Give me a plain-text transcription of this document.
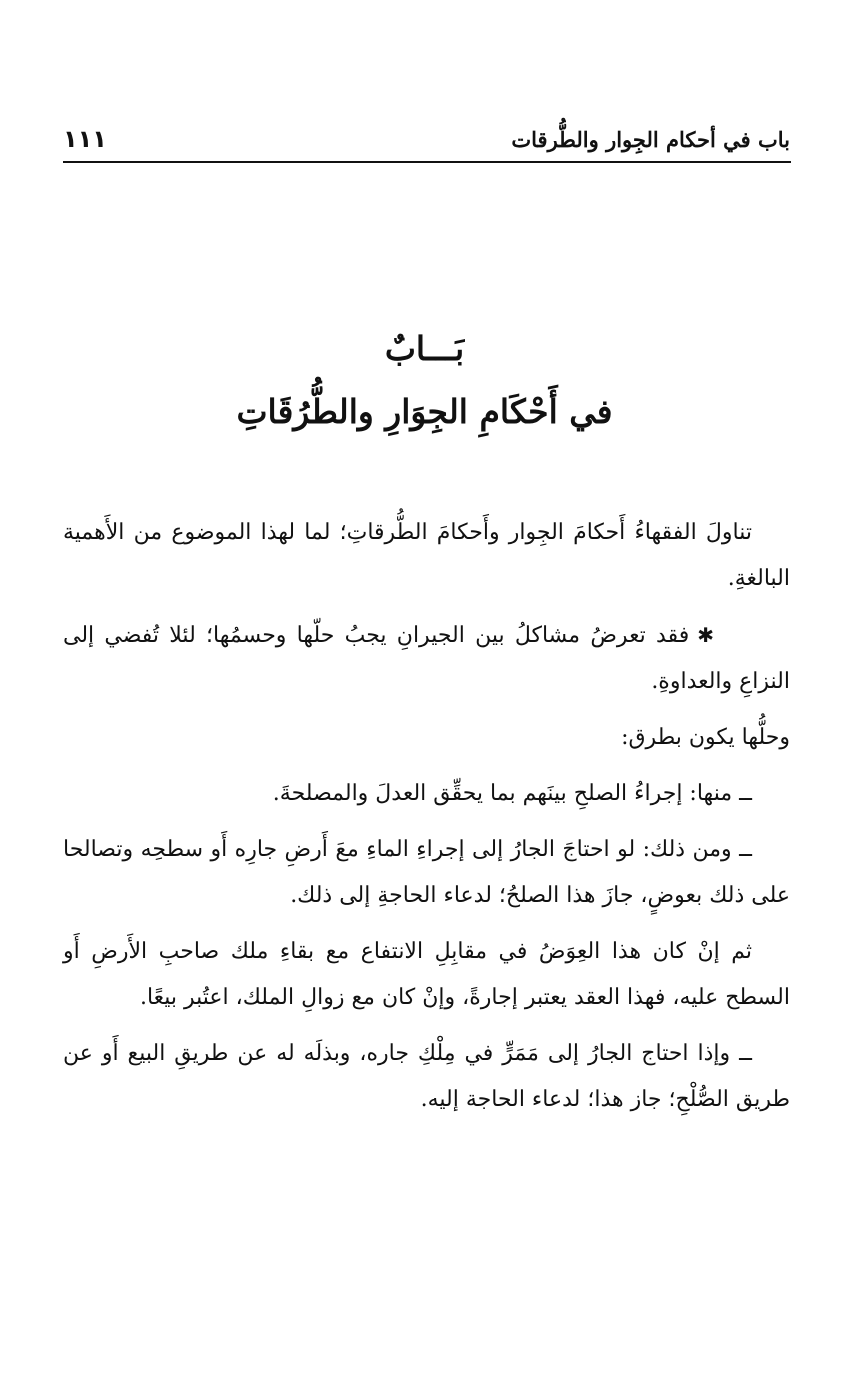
باب في أحكام الجِوار والطُّرقات
١١١
بَـــابٌ
في أَحْكَامِ الجِوَارِ والطُّرُقَاتِ

تناولَ الفقهاءُ أَحكامَ الجِوار وأَحكامَ الطُّرقاتِ؛ لما لهذا الموضوع من الأَهمية البالغةِ.

✱فقد تعرضُ مشاكلُ بين الجيرانِ يجبُ حلّها وحسمُها؛ لئلا تُفضي إلى النزاعِ والعداوةِ.

وحلُّها يكون بطرق:

ــ منها: إجراءُ الصلحِ بينَهم بما يحقِّق العدلَ والمصلحةَ.

ــ ومن ذلك: لو احتاجَ الجارُ إلى إجراءِ الماءِ معَ أَرضِ جارِه أَو سطحِه وتصالحا على ذلك بعوضٍ، جازَ هذا الصلحُ؛ لدعاء الحاجةِ إلى ذلك.

ثم إنْ كان هذا العِوَضُ في مقابِلِ الانتفاع مع بقاءِ ملك صاحبِ الأَرضِ أَو السطح عليه، فهذا العقد يعتبر إجارةً، وإنْ كان مع زوالِ الملك، اعتُبر بيعًا.

ــ وإذا احتاج الجارُ إلى مَمَرٍّ في مِلْكِ جاره، وبذلَه له عن طريقِ البيع أَو عن طريق الصُّلْحِ؛ جاز هذا؛ لدعاء الحاجة إليه.
